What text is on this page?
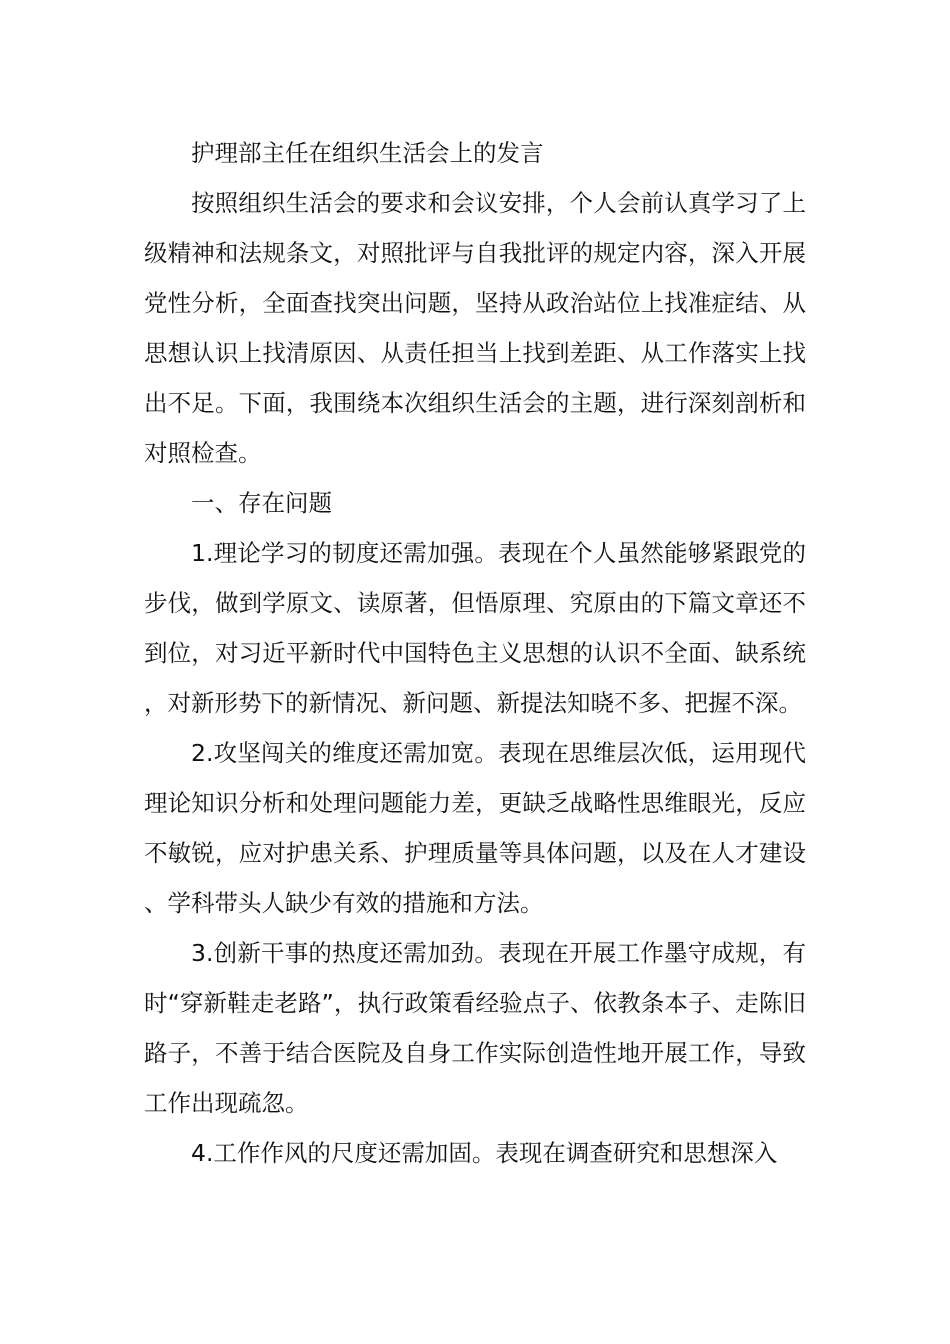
护理部主任在组织生活会上的发言

按照组织生活会的要求和会议安排，个人会前认真学习了上级精神和法规条文，对照批评与自我批评的规定内容，深入开展党性分析，全面查找突出问题，坚持从政治站位上找准症结、从思想认识上找清原因、从责任担当上找到差距、从工作落实上找出不足。下面，我围绕本次组织生活会的主题，进行深刻剖析和对照检查。

一、存在问题

1.理论学习的韧度还需加强。表现在个人虽然能够紧跟党的步伐，做到学原文、读原著，但悟原理、究原由的下篇文章还不到位，对习近平新时代中国特色主义思想的认识不全面、缺系统，对新形势下的新情况、新问题、新提法知晓不多、把握不深。

2.攻坚闯关的维度还需加宽。表现在思维层次低，运用现代理论知识分析和处理问题能力差，更缺乏战略性思维眼光，反应不敏锐，应对护患关系、护理质量等具体问题，以及在人才建设、学科带头人缺少有效的措施和方法。

3.创新干事的热度还需加劲。表现在开展工作墨守成规，有时“穿新鞋走老路”，执行政策看经验点子、依教条本子、走陈旧路子，不善于结合医院及自身工作实际创造性地开展工作，导致工作出现疏忽。

4.工作作风的尺度还需加固。表现在调查研究和思想深入
